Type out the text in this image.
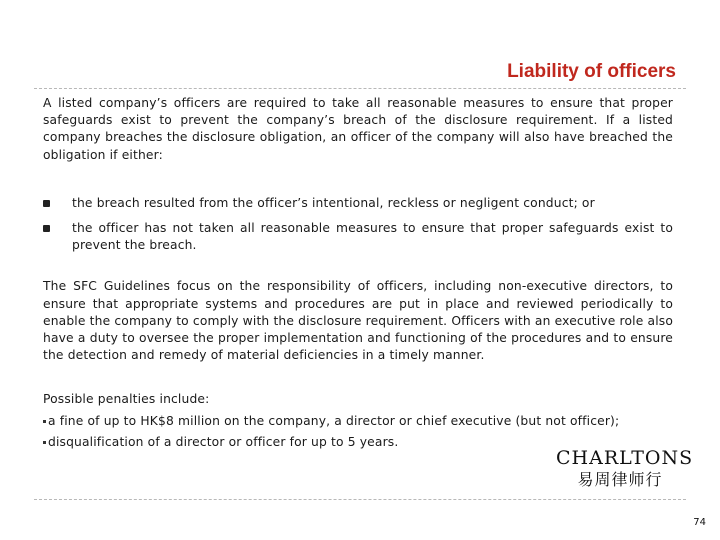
Liability of officers

A listed company’s officers are required to take all reasonable measures to ensure that proper safeguards exist to prevent the company’s breach of the disclosure requirement. If a listed company breaches the disclosure obligation, an officer of the company will also have breached the obligation if either:

the breach resulted from the officer’s intentional, reckless or negligent conduct; or
the officer has not taken all reasonable measures to ensure that proper safeguards exist to prevent the breach.

The SFC Guidelines focus on the responsibility of officers, including non-executive directors, to ensure that appropriate systems and procedures are put in place and reviewed periodically to enable the company to comply with the disclosure requirement. Officers with an executive role also have a duty to oversee the proper implementation and functioning of the procedures and to ensure the detection and remedy of material deficiencies in a timely manner.

Possible penalties include:

a fine of up to HK$8 million on the company, a director or chief executive (but not officer);

disqualification of a director or officer for up to 5 years.

CHARLTONS
易周律师行
74
